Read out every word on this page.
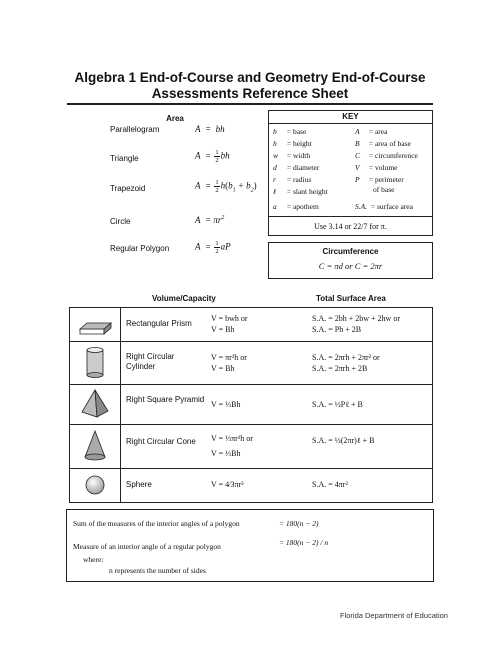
Algebra 1 End-of-Course and Geometry End-of-Course
Assessments Reference Sheet
Area
Parallelogram	A  =  bh
Triangle	$A = \frac{1}{2}$ bh
Trapezoid	$A = \frac{1}{2} h(b_1 + b_2)$
Circle	$A = \pi r^2$
Regular Polygon	$A = \frac{1}{2}$ aP
KEY
b = base
h = height
w = width
d = diameter
r = radius
ℓ = slant height
a = apothem
A = area
B = area of base
C = circumference
V = volume
P = perimeter
of base
S.A. = surface area
Use 3.14 or 22/7 for π.
Circumference
C = πd or C = 2πr
Volume/Capacity	Total Surface Area
Rectangular Prism
V = bwh or
V = Bh
S.A. = 2bh + 2bw + 2hw or
S.A. = Ph + 2B
Right Circular Cylinder
V = πr²h or
V = Bh
S.A. = 2πrh + 2πr² or
S.A. = 2πrh + 2B
Right Square Pyramid
V = ⅓Bh	S.A. = ½Pℓ + B
Right Circular Cone	V = ⅓πr²h or
V = ⅓Bh
S.A. = ½(2πr)ℓ + B
Sphere	V = 4⁄3πr³	S.A. = 4πr²
Sum of the measures of the interior angles of a polygon	= 180(n − 2)
Measure of an interior angle of a regular polygon	= 180(n − 2) / n
where:
n represents the number of sides
Florida Department of Education
